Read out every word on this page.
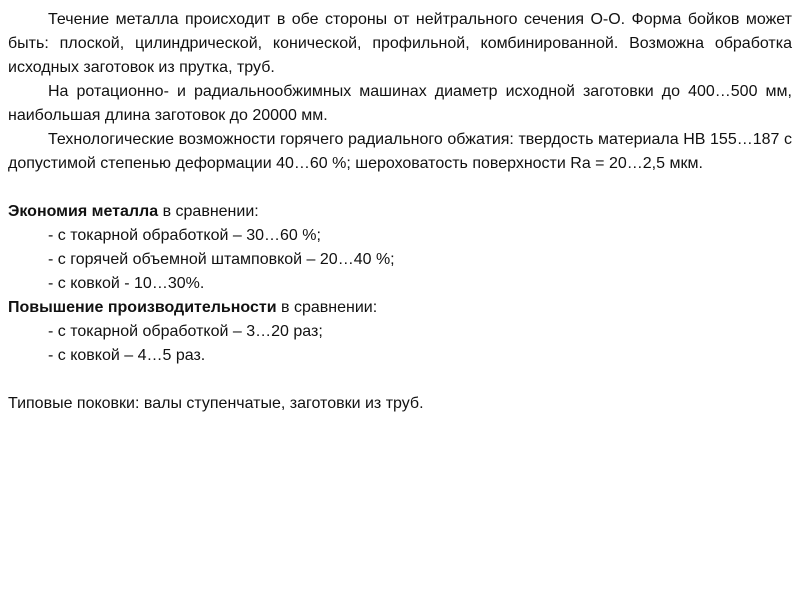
Течение металла происходит в обе стороны от нейтрального сечения О-О. Форма бойков может быть: плоской, цилиндрической, конической, профильной, комбинированной. Возможна обработка исходных заготовок из прутка, труб.

На ротационно- и радиальнообжимных машинах диаметр исходной заготовки до 400…500 мм, наибольшая длина заготовок до 20000 мм.

Технологические возможности горячего радиального обжатия: твердость материала НВ 155…187 с допустимой степенью деформации 40…60 %; шероховатость поверхности Ra = 20…2,5 мкм.

Экономия металла в сравнении:

- с токарной обработкой – 30…60 %;

- с горячей объемной штамповкой – 20…40 %;

- с ковкой - 10…30%.

Повышение производительности в сравнении:

- с токарной обработкой – 3…20 раз;

- с ковкой – 4…5 раз.

Типовые поковки: валы ступенчатые, заготовки из труб.
